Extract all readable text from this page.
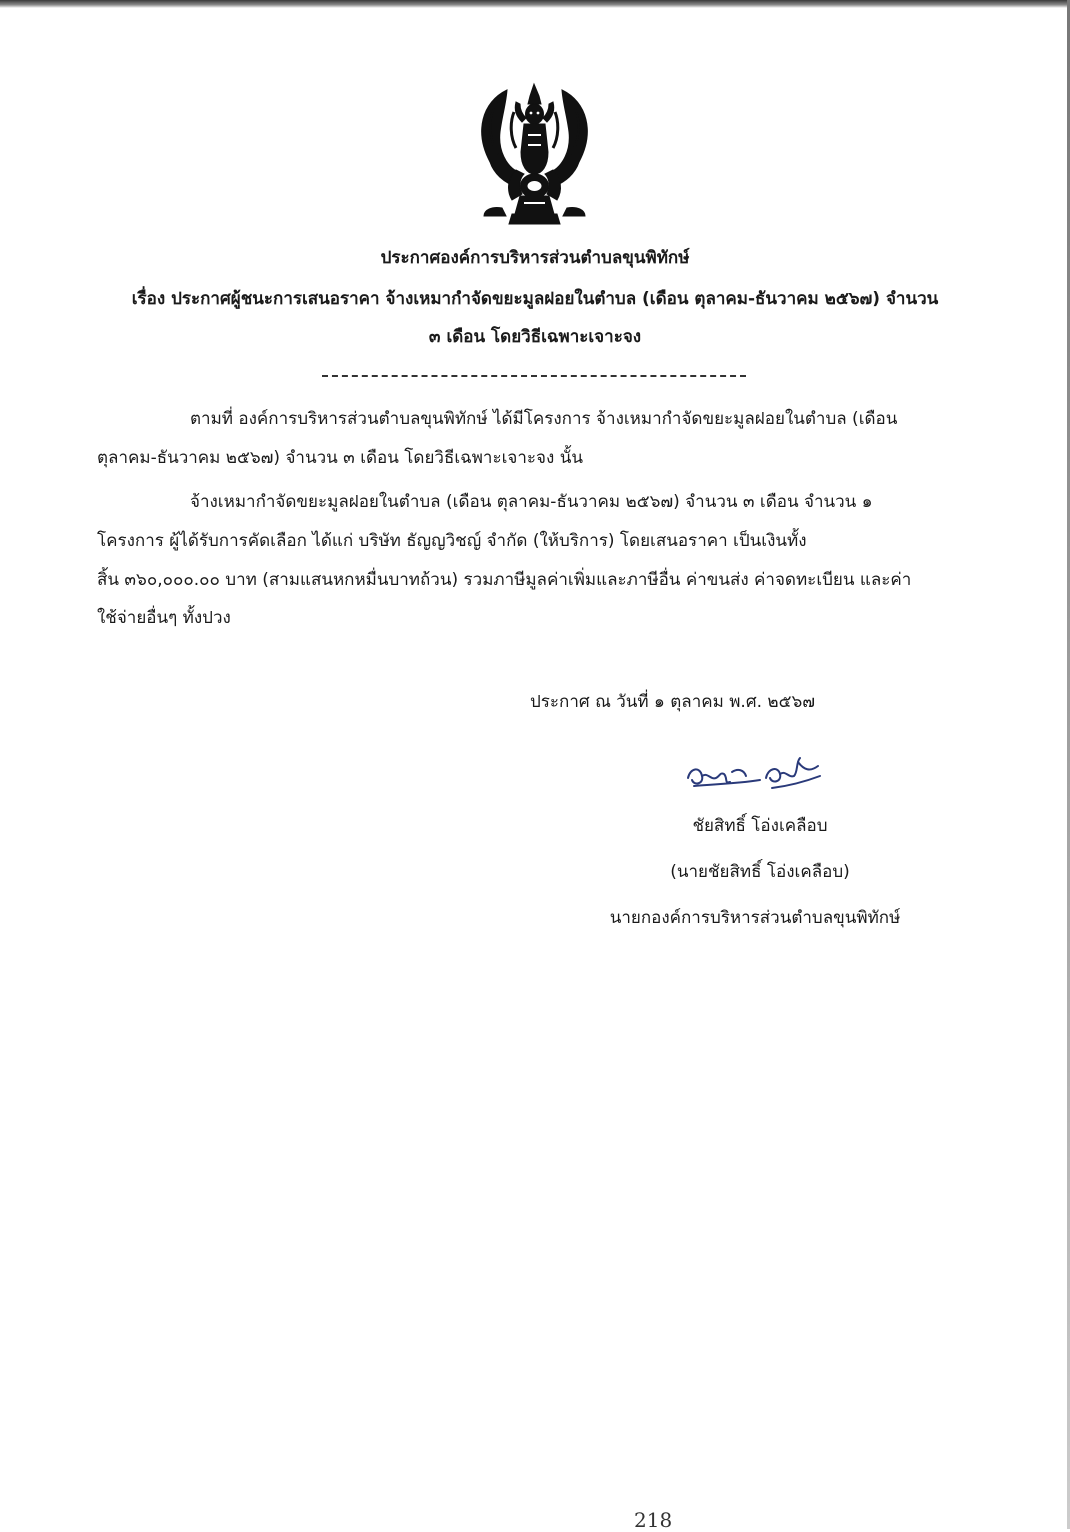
ประกาศองค์การบริหารส่วนตำบลขุนพิทักษ์
เรื่อง ประกาศผู้ชนะการเสนอราคา จ้างเหมากำจัดขยะมูลฝอยในตำบล (เดือน ตุลาคม-ธันวาคม ๒๕๖๗) จำนวน
๓ เดือน โดยวิธีเฉพาะเจาะจง
ตามที่ องค์การบริหารส่วนตำบลขุนพิทักษ์ ได้มีโครงการ จ้างเหมากำจัดขยะมูลฝอยในตำบล (เดือน
ตุลาคม-ธันวาคม ๒๕๖๗) จำนวน ๓ เดือน โดยวิธีเฉพาะเจาะจง นั้น
จ้างเหมากำจัดขยะมูลฝอยในตำบล (เดือน ตุลาคม-ธันวาคม ๒๕๖๗) จำนวน ๓ เดือน จำนวน ๑
โครงการ ผู้ได้รับการคัดเลือก ได้แก่ บริษัท ธัญญวิชญ์ จำกัด (ให้บริการ) โดยเสนอราคา เป็นเงินทั้ง
สิ้น ๓๖๐,๐๐๐.๐๐ บาท (สามแสนหกหมื่นบาทถ้วน) รวมภาษีมูลค่าเพิ่มและภาษีอื่น ค่าขนส่ง ค่าจดทะเบียน และค่า
ใช้จ่ายอื่นๆ ทั้งปวง
ประกาศ ณ วันที่ ๑ ตุลาคม พ.ศ. ๒๕๖๗
ชัยสิทธิ์ โอ่งเคลือบ
(นายชัยสิทธิ์ โอ่งเคลือบ)
นายกองค์การบริหารส่วนตำบลขุนพิทักษ์
218
